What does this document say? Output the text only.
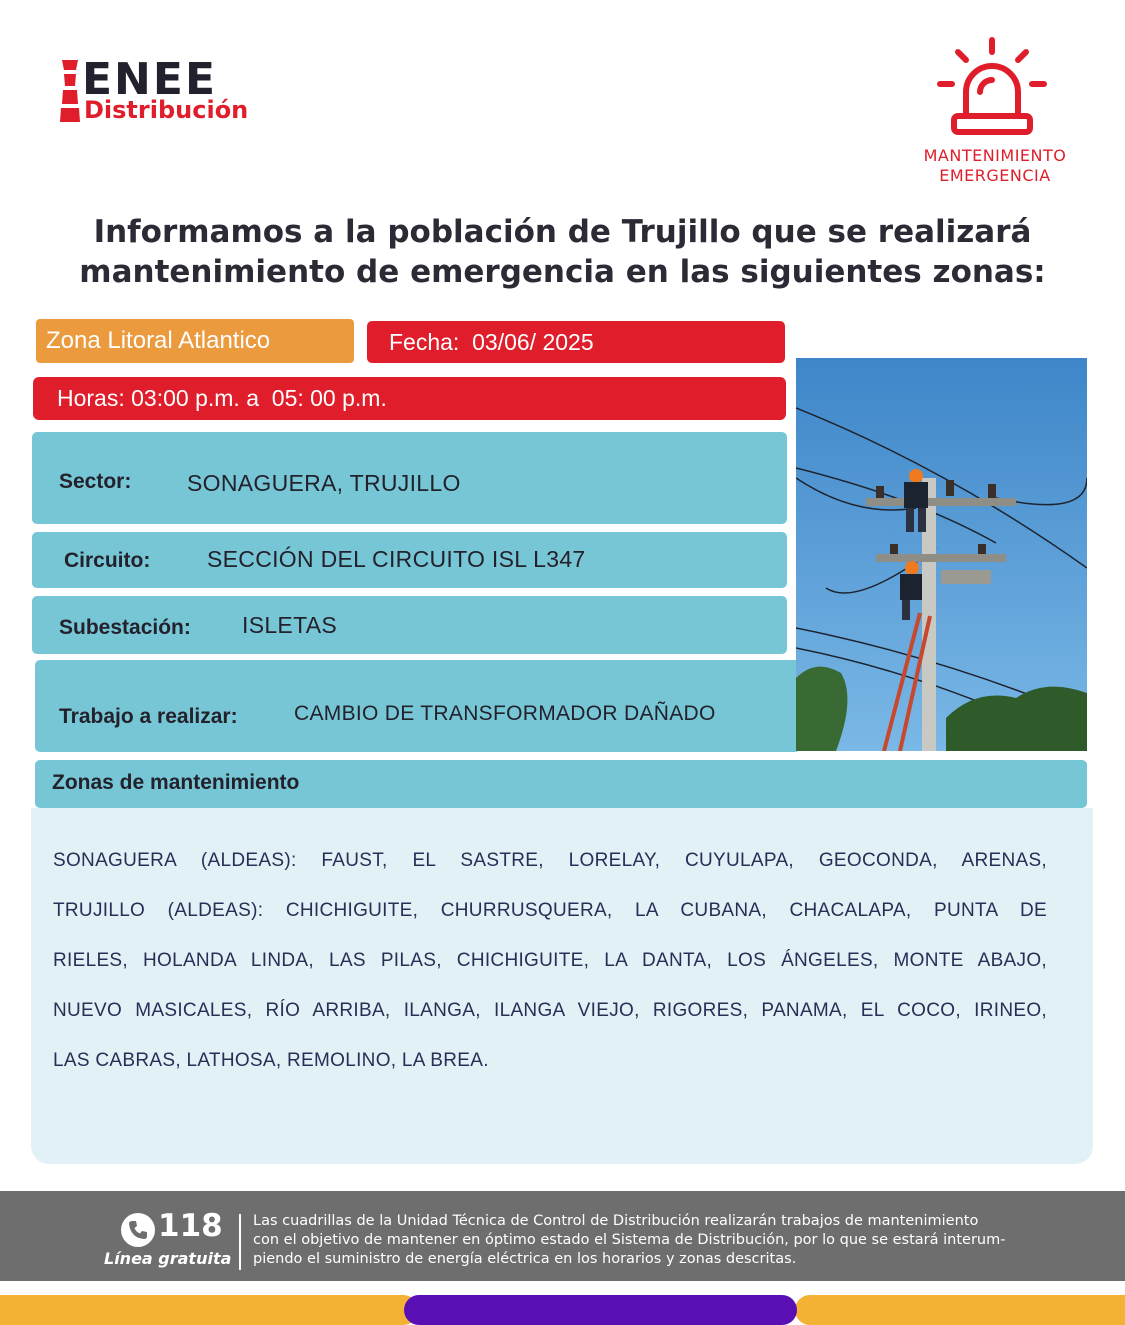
ENEE
Distribución
MANTENIMIENTO
EMERGENCIA
Informamos a la población de Trujillo que se realizará
mantenimiento de emergencia en las siguientes zonas:
Zona Litoral Atlantico	Fecha:
03/06/ 2025
Horas:
03:00 p.m. a  05: 00 p.m.
Sector: SONAGUERA, TRUJILLO
Circuito: SECCIÓN DEL CIRCUITO ISL L347
Subestación: ISLETAS
Trabajo a realizar:	CAMBIO DE TRANSFORMADOR DAÑADO
Zonas de mantenimiento
SONAGUERA (ALDEAS): FAUST, EL SASTRE, LORELAY, CUYULAPA, GEOCONDA, ARENAS,
TRUJILLO (ALDEAS): CHICHIGUITE, CHURRUSQUERA, LA CUBANA, CHACALAPA, PUNTA DE
RIELES, HOLANDA LINDA, LAS PILAS, CHICHIGUITE, LA DANTA, LOS ÁNGELES, MONTE ABAJO,
NUEVO MASICALES, RÍO ARRIBA, ILANGA, ILANGA VIEJO, RIGORES, PANAMA, EL COCO, IRINEO,
LAS CABRAS, LATHOSA, REMOLINO, LA BREA.
118
Línea gratuita
Las cuadrillas de la Unidad Técnica de Control de Distribución realizarán trabajos de mantenimiento
con el objetivo de mantener en óptimo estado el Sistema de Distribución, por lo que se estará interum-
piendo el suministro de energía eléctrica en los horarios y zonas descritas.
